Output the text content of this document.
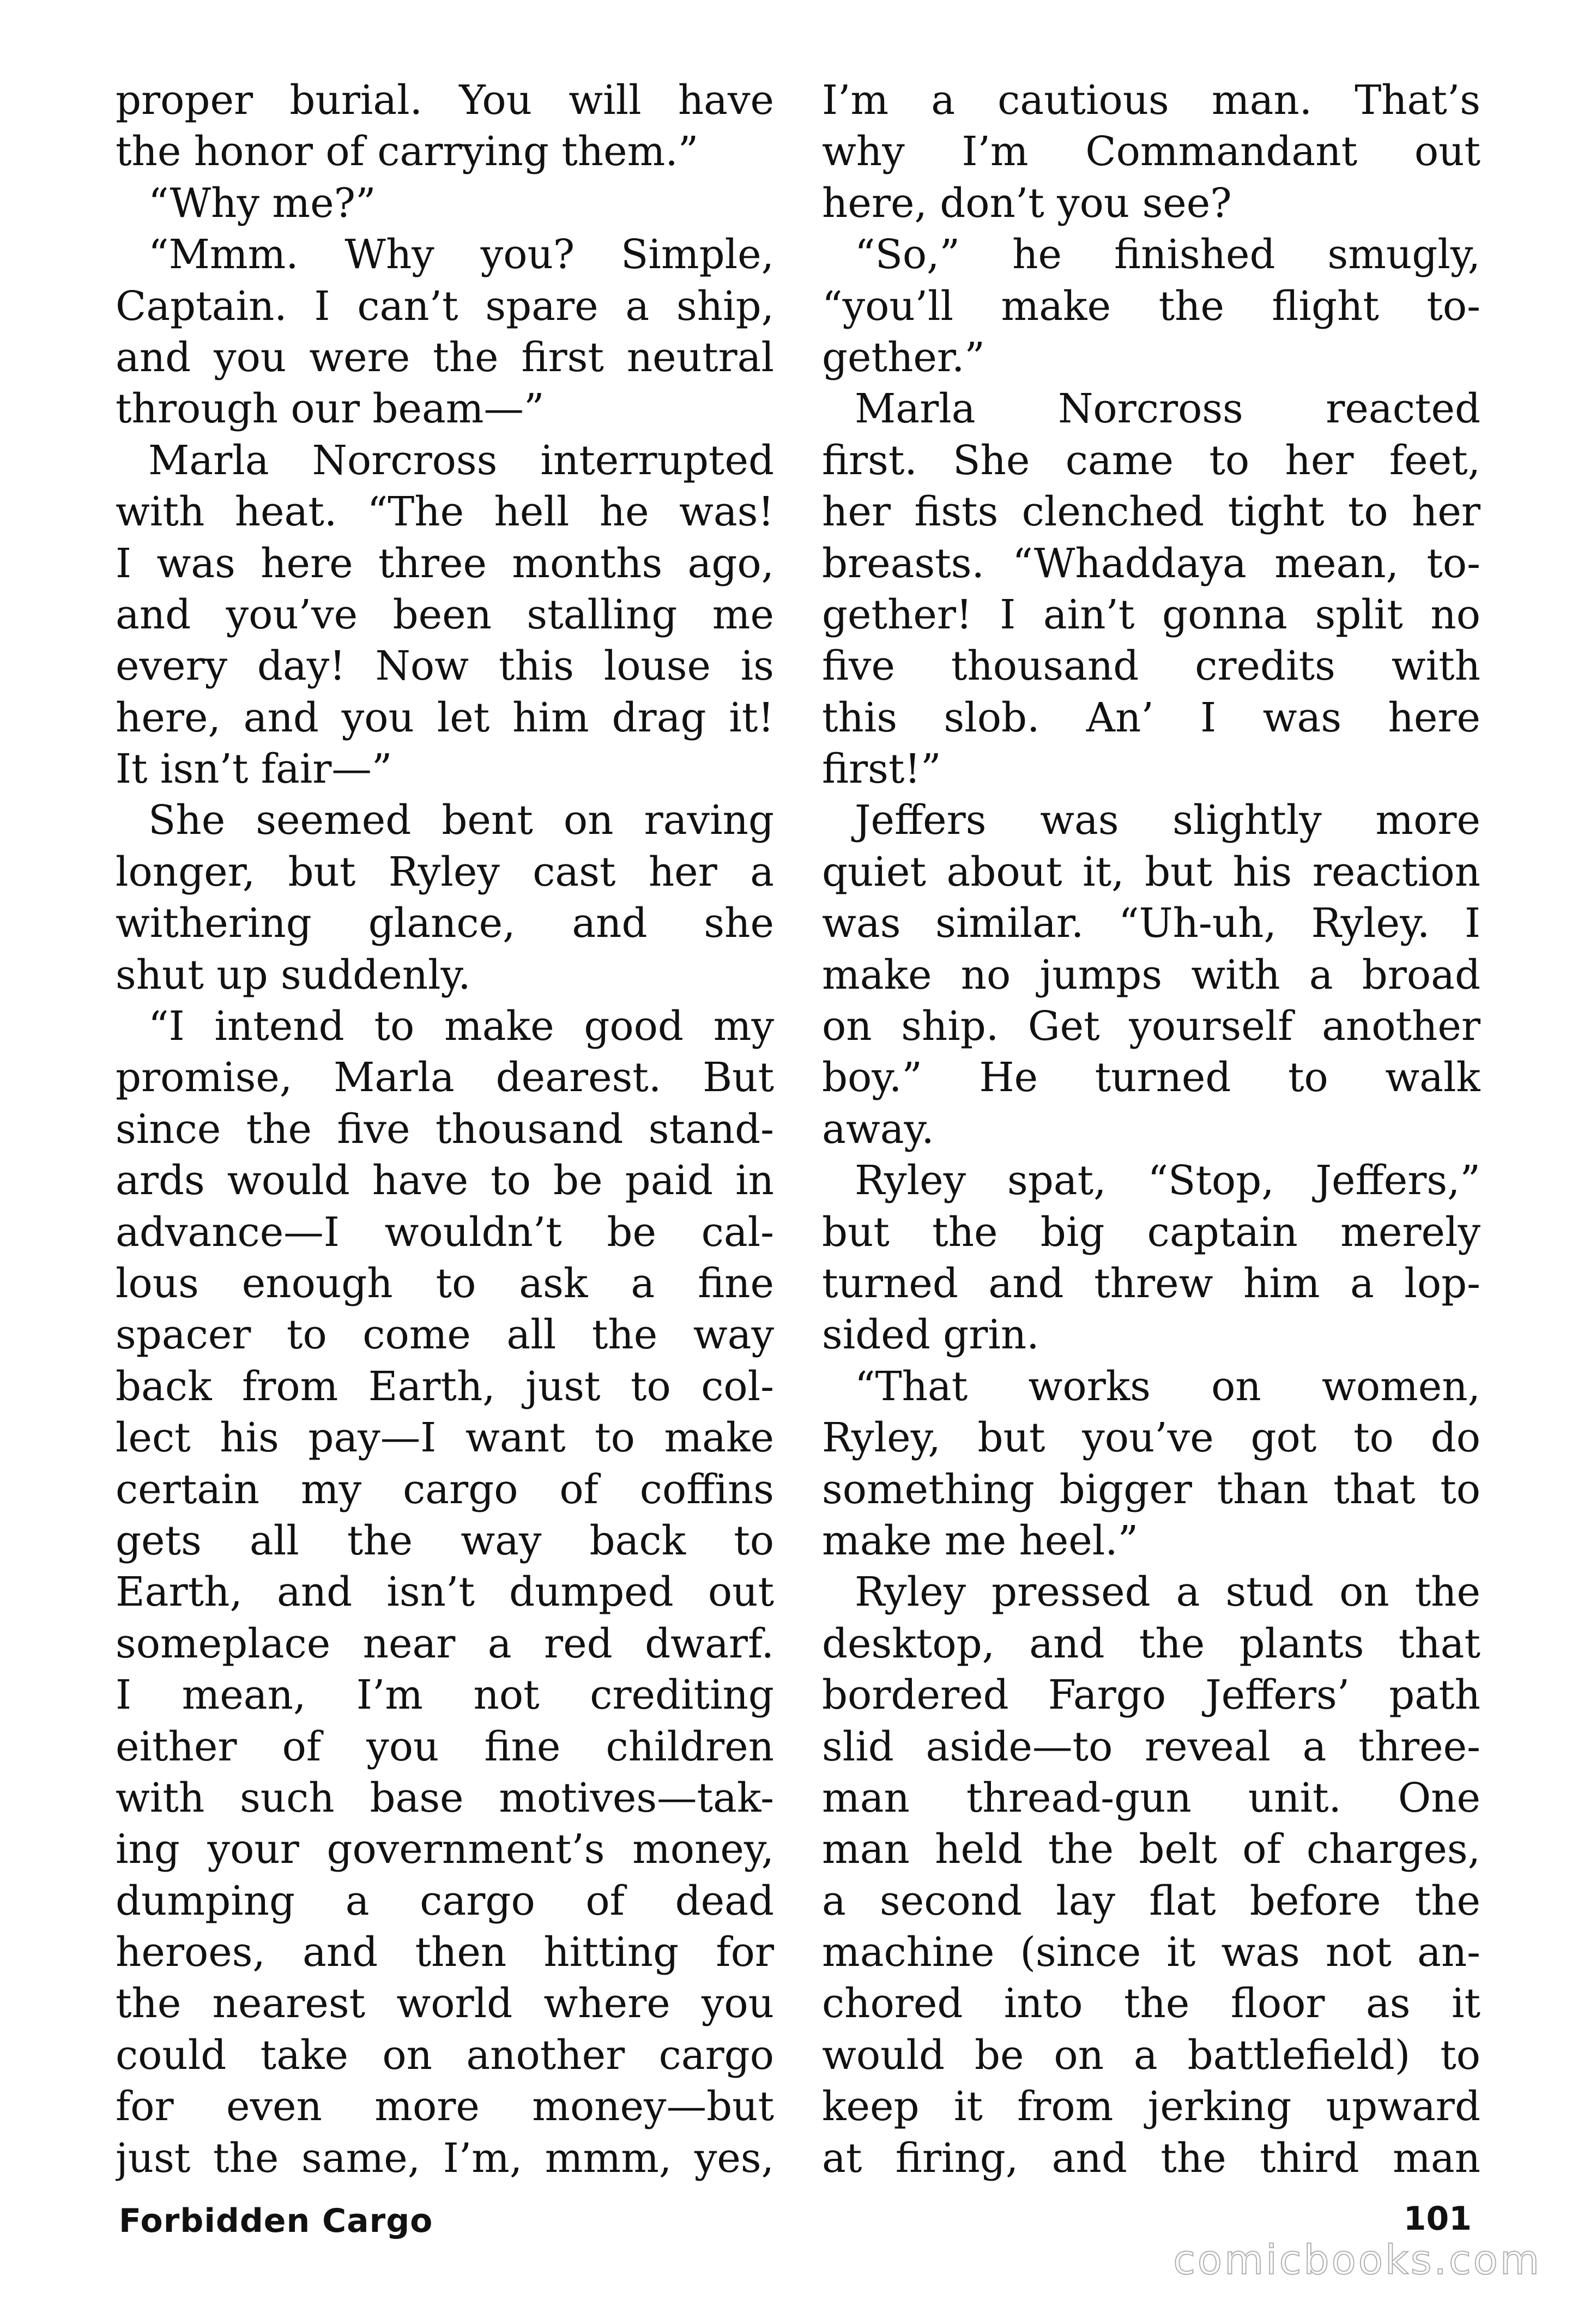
proper burial. You will have
the honor of carrying them.”
“Why me?”
“Mmm. Why you? Simple,
Captain. I can’t spare a ship,
and you were the first neutral
through our beam—”
Marla Norcross interrupted
with heat. “The hell he was!
I was here three months ago,
and you’ve been stalling me
every day! Now this louse is
here, and you let him drag it!
It isn’t fair—”
She seemed bent on raving
longer, but Ryley cast her a
withering glance, and she
shut up suddenly.
“I intend to make good my
promise, Marla dearest. But
since the five thousand stand-
ards would have to be paid in
advance—I wouldn’t be cal-
lous enough to ask a fine
spacer to come all the way
back from Earth, just to col-
lect his pay—I want to make
certain my cargo of coffins
gets all the way back to
Earth, and isn’t dumped out
someplace near a red dwarf.
I mean, I’m not crediting
either of you fine children
with such base motives—tak-
ing your government’s money,
dumping a cargo of dead
heroes, and then hitting for
the nearest world where you
could take on another cargo
for even more money—but
just the same, I’m, mmm, yes,
I’m a cautious man. That’s
why I’m Commandant out
here, don’t you see?
“So,” he finished smugly,
“you’ll make the flight to-
gether.”
Marla Norcross reacted
first. She came to her feet,
her fists clenched tight to her
breasts. “Whaddaya mean, to-
gether! I ain’t gonna split no
five thousand credits with
this slob. An’ I was here
first!”
Jeffers was slightly more
quiet about it, but his reaction
was similar. “Uh-uh, Ryley. I
make no jumps with a broad
on ship. Get yourself another
boy.” He turned to walk
away.
Ryley spat, “Stop, Jeffers,”
but the big captain merely
turned and threw him a lop-
sided grin.
“That works on women,
Ryley, but you’ve got to do
something bigger than that to
make me heel.”
Ryley pressed a stud on the
desktop, and the plants that
bordered Fargo Jeffers’ path
slid aside—to reveal a three-
man thread-gun unit. One
man held the belt of charges,
a second lay flat before the
machine (since it was not an-
chored into the floor as it
would be on a battlefield) to
keep it from jerking upward
at firing, and the third man
Forbidden Cargo	101
comicbooks.com
